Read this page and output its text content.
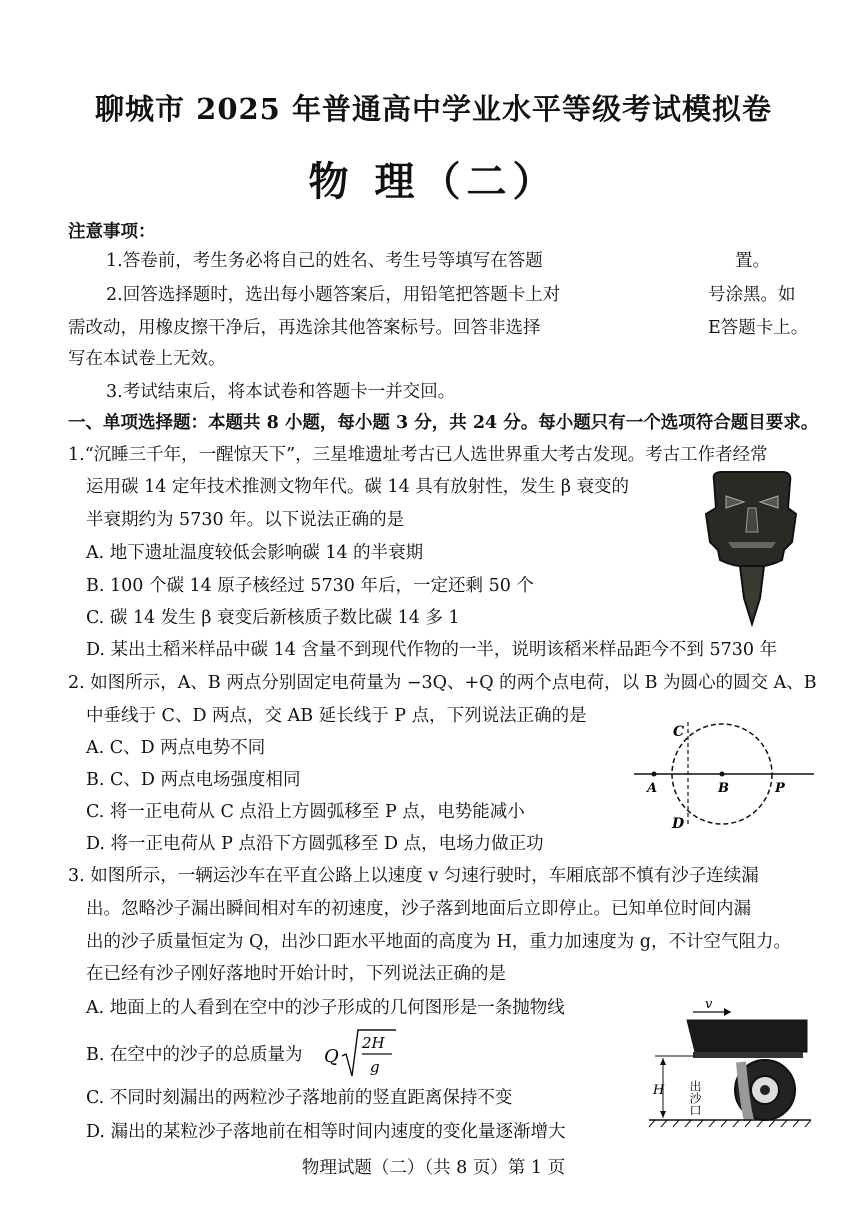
聊城市 2025 年普通高中学业水平等级考试模拟卷
物 理（二）
注意事项：
1.答卷前，考生务必将自己的姓名、考生号等填写在答题	置。
2.回答选择题时，选出每小题答案后，用铅笔把答题卡上对	号涂黑。如
需改动，用橡皮擦干净后，再选涂其他答案标号。回答非选择	E答题卡上。
写在本试卷上无效。
3.考试结束后，将本试卷和答题卡一并交回。
一、单项选择题：本题共 8 小题，每小题 3 分，共 24 分。每小题只有一个选项符合题目要求。
1.“沉睡三千年，一醒惊天下”，三星堆遗址考古已人选世界重大考古发现。考古工作者经常
运用碳 14 定年技术推测文物年代。碳 14 具有放射性，发生 β 衰变的
半衰期约为 5730 年。以下说法正确的是
A. 地下遗址温度较低会影响碳 14 的半衰期
B. 100 个碳 14 原子核经过 5730 年后，一定还剩 50 个
C. 碳 14 发生 β 衰变后新核质子数比碳 14 多 1
D. 某出土稻米样品中碳 14 含量不到现代作物的一半，说明该稻米样品距今不到 5730 年
2. 如图所示，A、B 两点分别固定电荷量为 −3Q、+Q 的两个点电荷，以 B 为圆心的圆交 A、B
中垂线于 C、D 两点，交 AB 延长线于 P 点，下列说法正确的是
A. C、D 两点电势不同
B. C、D 两点电场强度相同
C. 将一正电荷从 C 点沿上方圆弧移至 P 点，电势能减小
D. 将一正电荷从 P 点沿下方圆弧移至 D 点，电场力做正功
C
D
A	B	P
3. 如图所示，一辆运沙车在平直公路上以速度 v 匀速行驶时，车厢底部不慎有沙子连续漏
出。忽略沙子漏出瞬间相对车的初速度，沙子落到地面后立即停止。已知单位时间内漏
出的沙子质量恒定为 Q，出沙口距水平地面的高度为 H，重力加速度为 g，不计空气阻力。
在已经有沙子刚好落地时开始计时，下列说法正确的是
A. 地面上的人看到在空中的沙子形成的几何图形是一条抛物线
B. 在空中的沙子的总质量为 Q
2H
g
C. 不同时刻漏出的两粒沙子落地前的竖直距离保持不变
D. 漏出的某粒沙子落地前在相等时间内速度的变化量逐渐增大
v
H 出沙口
物理试题（二）（共 8 页）第 1 页
